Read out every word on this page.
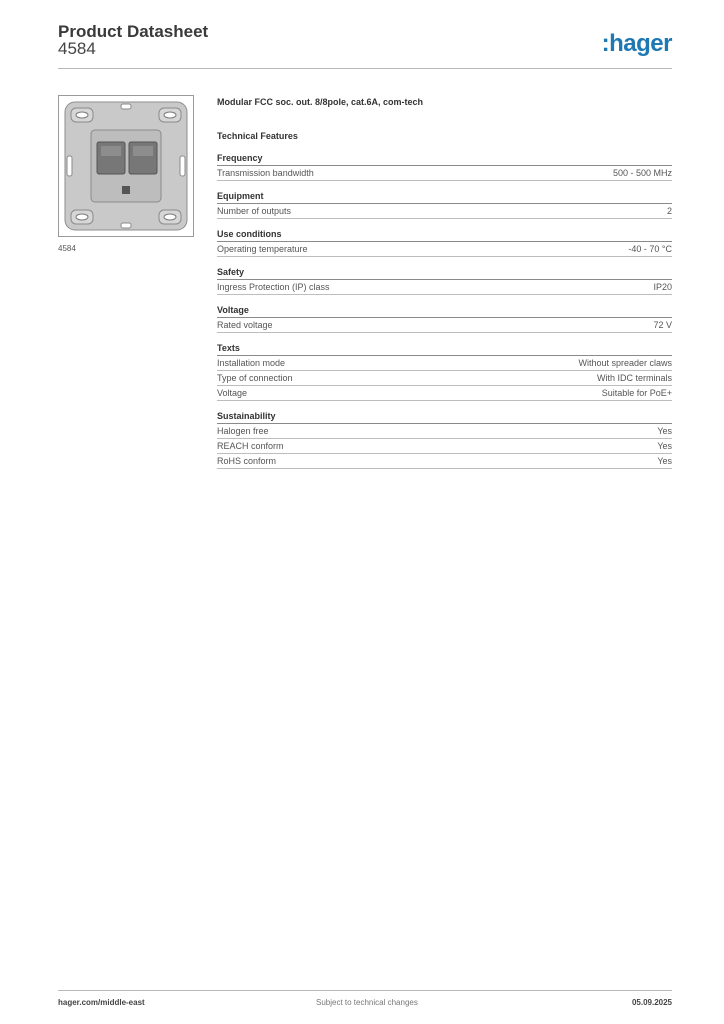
Product Datasheet
4584	:hager
4584
Modular FCC soc. out. 8/8pole, cat.6A, com-tech
Technical Features
Frequency
Transmission bandwidth	500 - 500 MHz
Equipment
Number of outputs	2
Use conditions
Operating temperature	-40 - 70 °C
Safety
Ingress Protection (IP) class	IP20
Voltage
Rated voltage	72 V
Texts
Installation mode	Without spreader claws
Type of connection	With IDC terminals
Voltage	Suitable for PoE+
Sustainability
Halogen free	Yes
REACH conform	Yes
RoHS conform	Yes
hager.com/middle-east	Subject to technical changes	05.09.2025
